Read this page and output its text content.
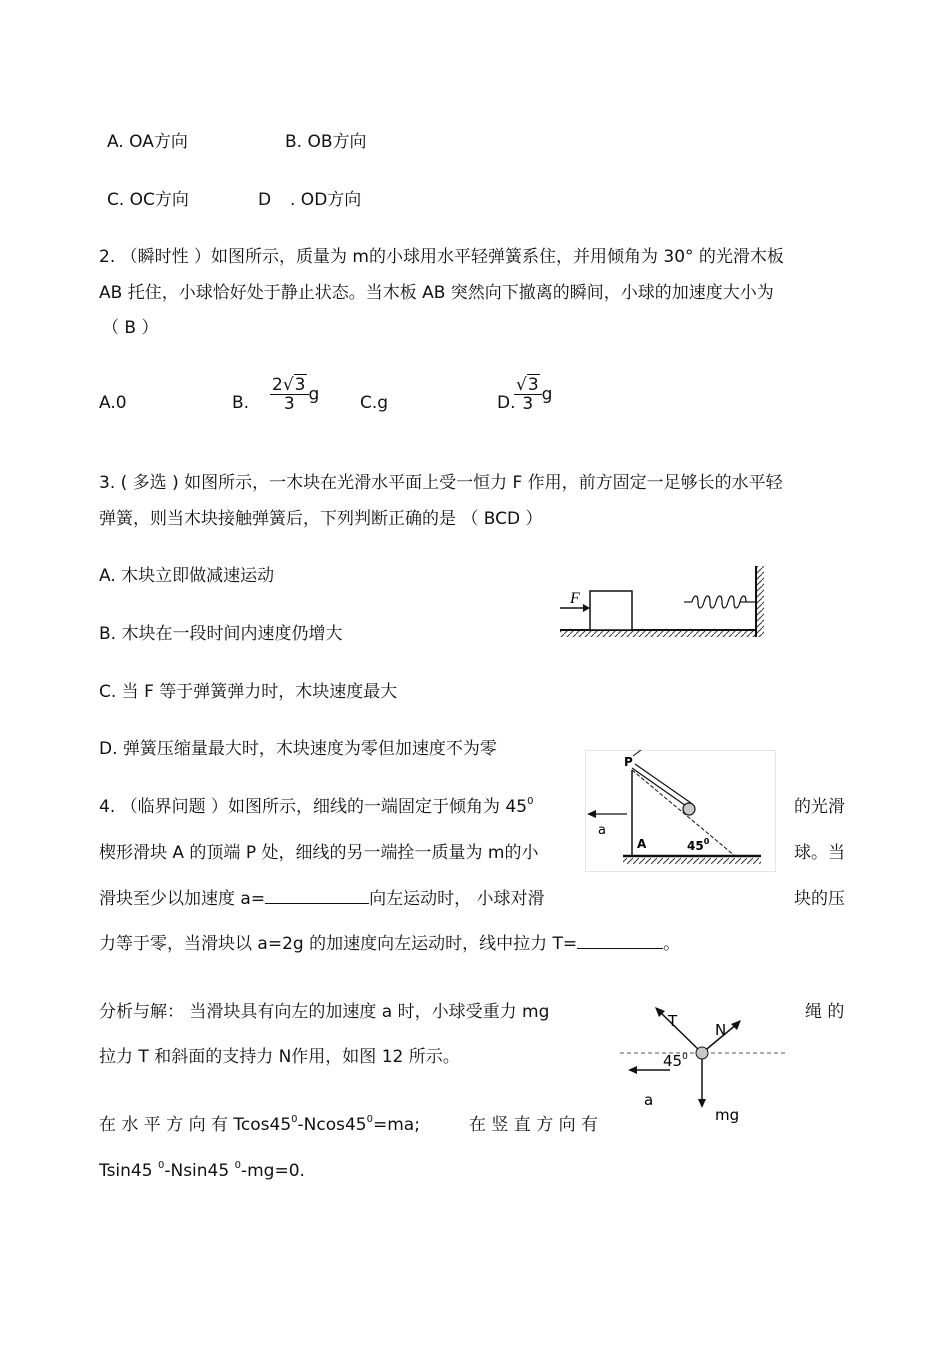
A. OA方向	B. OB方向
C. OC方向	D . OD方向
2. （瞬时性 ）如图所示，质量为 m的小球用水平轻弹簧系住，并用倾角为 30° 的光滑木板
AB 托住，小球恰好处于静止状态。当木板 AB 突然向下撤离的瞬间，小球的加速度大小为
（ B ）
A.0	B. $\frac{2√3}{3}$ g C.g	D.
$\frac{√3}{3}$ g
3. ( 多选 ) 如图所示，一木块在光滑水平面上受一恒力 F 作用，前方固定一足够长的水平轻
弹簧，则当木块接触弹簧后，下列判断正确的是 （ BCD ）
A. 木块立即做减速运动
B. 木块在一段时间内速度仍增大
C. 当 F 等于弹簧弹力时，木块速度最大
D. 弹簧压缩量最大时，木块速度为零但加速度不为零
F
4. （临界问题 ）如图所示，细线的一端固定于倾角为 $45^0$	的光滑
楔形滑块 A 的顶端 P 处，细线的另一端拴一质量为 m的小	球。当
滑块至少以加速度 a=	向左运动时， 小球对滑	块的压
力等于零，当滑块以 a=2g 的加速度向左运动时，线中拉力 T=	。
P
a
A	$45^0$
分析与解： 当滑块具有向左的加速度 a 时，小球受重力 mg	绳 的
拉力 T 和斜面的支持力 N作用，如图 12 所示。
在 水 平 方 向 有 $Tcos45^0-Ncos45^0=ma$;	在 竖 直 方 向 有
Tsin45 $^0$-Nsin45 $^0$-mg=0.
T	N
$45^0$
a
mg
